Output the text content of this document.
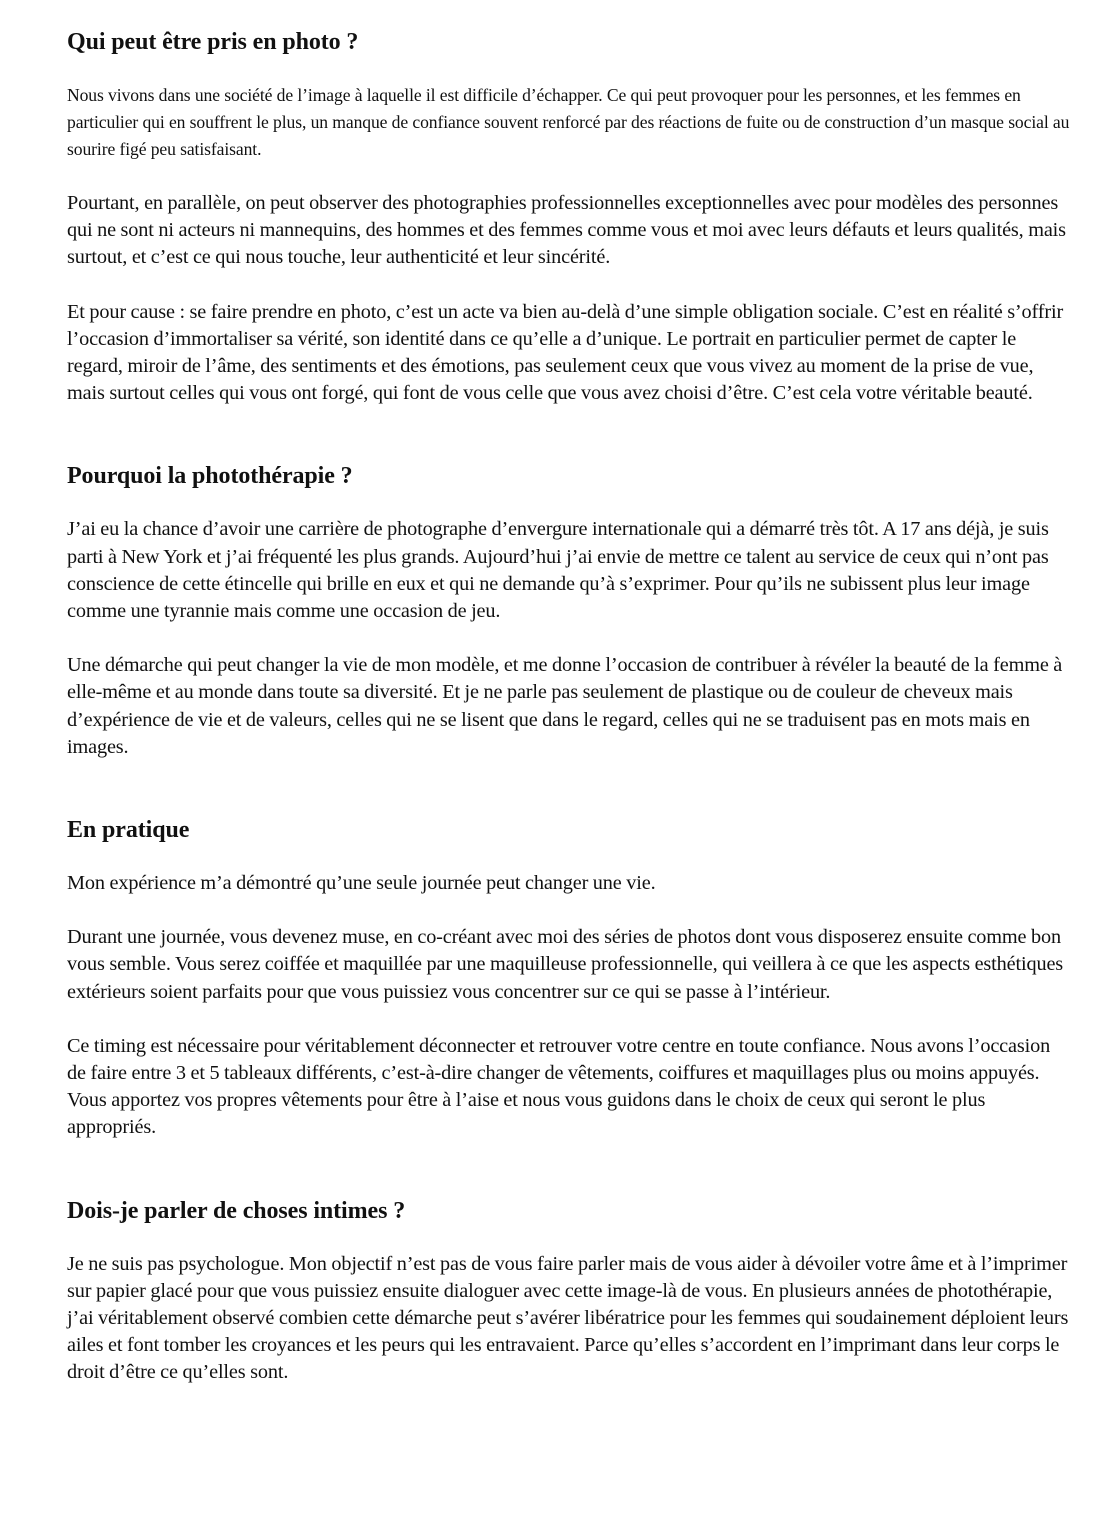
Qui peut être pris en photo ?

Nous vivons dans une société de l’image à laquelle il est difficile d’échapper. Ce qui peut provoquer pour les personnes, et les femmes en particulier qui en souffrent le plus, un manque de confiance souvent renforcé par des réactions de fuite ou de construction d’un masque social au sourire figé peu satisfaisant.

Pourtant, en parallèle, on peut observer des photographies professionnelles exceptionnelles avec pour modèles des personnes qui ne sont ni acteurs ni mannequins, des hommes et des femmes comme vous et moi avec leurs défauts et leurs qualités, mais surtout, et c’est ce qui nous touche, leur authenticité et leur sincérité.

Et pour cause : se faire prendre en photo, c’est un acte va bien au-delà d’une simple obligation sociale. C’est en réalité s’offrir l’occasion d’immortaliser sa vérité, son identité dans ce qu’elle a d’unique. Le portrait en particulier permet de capter le regard, miroir de l’âme, des sentiments et des émotions, pas seulement ceux que vous vivez au moment de la prise de vue, mais surtout celles qui vous ont forgé, qui font de vous celle que vous avez choisi d’être. C’est cela votre véritable beauté.

Pourquoi la photothérapie ?

J’ai eu la chance d’avoir une carrière de photographe d’envergure internationale qui a démarré très tôt. A 17 ans déjà, je suis parti à New York et j’ai fréquenté les plus grands. Aujourd’hui j’ai envie de mettre ce talent au service de ceux qui n’ont pas conscience de cette étincelle qui brille en eux et qui ne demande qu’à s’exprimer. Pour qu’ils ne subissent plus leur image comme une tyrannie mais comme une occasion de jeu.

Une démarche qui peut changer la vie de mon modèle, et me donne l’occasion de contribuer à révéler la beauté de la femme à elle-même et au monde dans toute sa diversité. Et je ne parle pas seulement de plastique ou de couleur de cheveux mais d’expérience de vie et de valeurs, celles qui ne se lisent que dans le regard, celles qui ne se traduisent pas en mots mais en images.

En pratique

Mon expérience m’a démontré qu’une seule journée peut changer une vie.

Durant une journée, vous devenez muse, en co-créant avec moi des séries de photos dont vous disposerez ensuite comme bon vous semble. Vous serez coiffée et maquillée par une maquilleuse professionnelle, qui veillera à ce que les aspects esthétiques extérieurs soient parfaits pour que vous puissiez vous concentrer sur ce qui se passe à l’intérieur.

Ce timing est nécessaire pour véritablement déconnecter et retrouver votre centre en toute confiance. Nous avons l’occasion de faire entre 3 et 5 tableaux différents, c’est-à-dire changer de vêtements, coiffures et maquillages plus ou moins appuyés. Vous apportez vos propres vêtements pour être à l’aise et nous vous guidons dans le choix de ceux qui seront le plus appropriés.

Dois-je parler de choses intimes ?

Je ne suis pas psychologue. Mon objectif n’est pas de vous faire parler mais de vous aider à dévoiler votre âme et à l’imprimer sur papier glacé pour que vous puissiez ensuite dialoguer avec cette image-là de vous. En plusieurs années de photothérapie, j’ai véritablement observé combien cette démarche peut s’avérer libératrice pour les femmes qui soudainement déploient leurs ailes et font tomber les croyances et les peurs qui les entravaient. Parce qu’elles s’accordent en l’imprimant dans leur corps le droit d’être ce qu’elles sont.
